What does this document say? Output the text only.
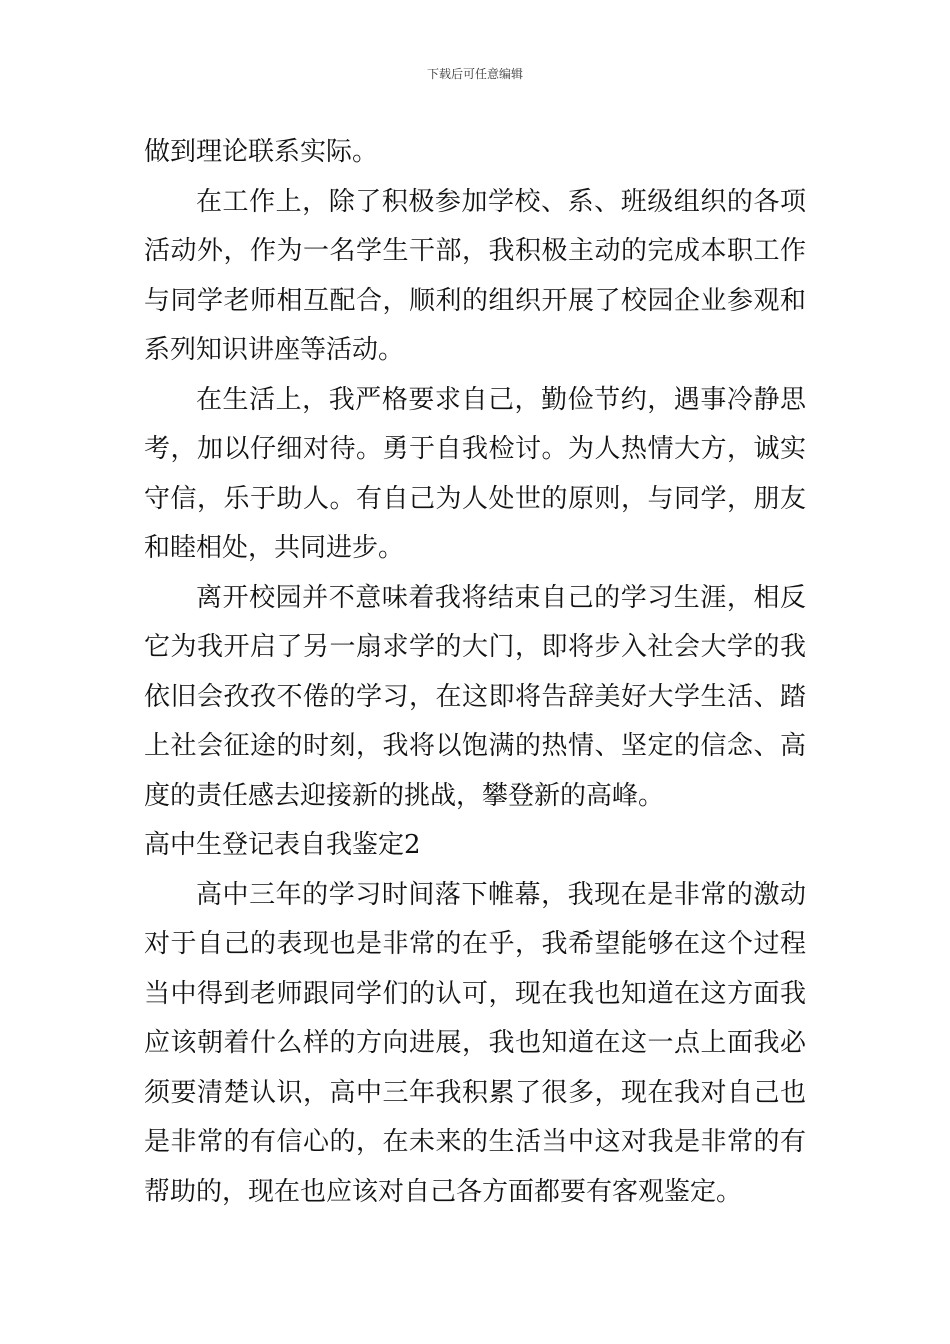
下载后可任意编辑

做到理论联系实际。

在工作上，除了积极参加学校、系、班级组织的各项活动外，作为一名学生干部，我积极主动的完成本职工作与同学老师相互配合，顺利的组织开展了校园企业参观和系列知识讲座等活动。

在生活上，我严格要求自己，勤俭节约，遇事冷静思考，加以仔细对待。勇于自我检讨。为人热情大方，诚实守信，乐于助人。有自己为人处世的原则，与同学，朋友和睦相处，共同进步。

离开校园并不意味着我将结束自己的学习生涯，相反它为我开启了另一扇求学的大门，即将步入社会大学的我依旧会孜孜不倦的学习，在这即将告辞美好大学生活、踏上社会征途的时刻，我将以饱满的热情、坚定的信念、高度的责任感去迎接新的挑战，攀登新的高峰。

高中生登记表自我鉴定2

高中三年的学习时间落下帷幕，我现在是非常的激动对于自己的表现也是非常的在乎，我希望能够在这个过程当中得到老师跟同学们的认可，现在我也知道在这方面我应该朝着什么样的方向进展，我也知道在这一点上面我必须要清楚认识，高中三年我积累了很多，现在我对自己也是非常的有信心的，在未来的生活当中这对我是非常的有帮助的，现在也应该对自己各方面都要有客观鉴定。
